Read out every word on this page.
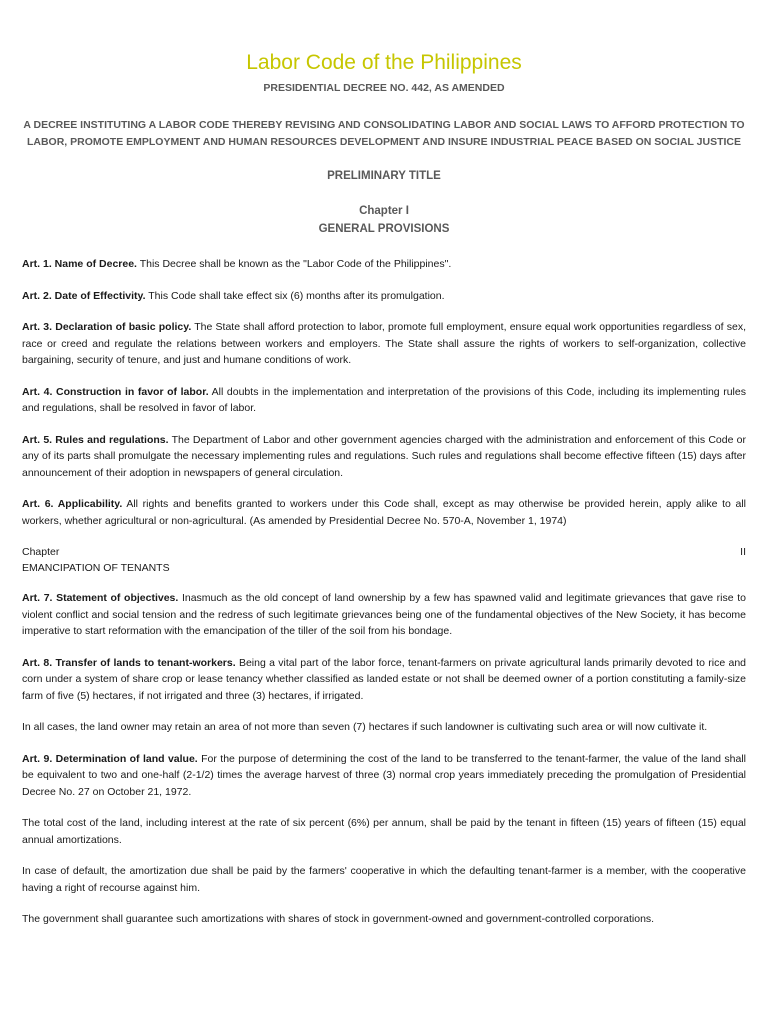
Labor Code of the Philippines
PRESIDENTIAL DECREE NO. 442, AS AMENDED
A DECREE INSTITUTING A LABOR CODE THEREBY REVISING AND CONSOLIDATING LABOR AND SOCIAL LAWS TO AFFORD PROTECTION TO
LABOR, PROMOTE EMPLOYMENT AND HUMAN RESOURCES DEVELOPMENT AND INSURE INDUSTRIAL PEACE BASED ON SOCIAL JUSTICE
PRELIMINARY TITLE
Chapter I
GENERAL PROVISIONS

Art. 1. Name of Decree. This Decree shall be known as the "Labor Code of the Philippines".

Art. 2. Date of Effectivity. This Code shall take effect six (6) months after its promulgation.

Art. 3. Declaration of basic policy. The State shall afford protection to labor, promote full employment, ensure equal work opportunities regardless of sex, race or creed and regulate the relations between workers and employers. The State shall assure the rights of workers to self-organization, collective bargaining, security of tenure, and just and humane conditions of work.

Art. 4. Construction in favor of labor. All doubts in the implementation and interpretation of the provisions of this Code, including its implementing rules and regulations, shall be resolved in favor of labor.

Art. 5. Rules and regulations. The Department of Labor and other government agencies charged with the administration and enforcement of this Code or any of its parts shall promulgate the necessary implementing rules and regulations. Such rules and regulations shall become effective fifteen (15) days after announcement of their adoption in newspapers of general circulation.

Art. 6. Applicability. All rights and benefits granted to workers under this Code shall, except as may otherwise be provided herein, apply alike to all workers, whether agricultural or non-agricultural. (As amended by Presidential Decree No. 570-A, November 1, 1974)

Chapter	II
EMANCIPATION OF TENANTS

Art. 7. Statement of objectives. Inasmuch as the old concept of land ownership by a few has spawned valid and legitimate grievances that gave rise to violent conflict and social tension and the redress of such legitimate grievances being one of the fundamental objectives of the New Society, it has become imperative to start reformation with the emancipation of the tiller of the soil from his bondage.

Art. 8. Transfer of lands to tenant-workers. Being a vital part of the labor force, tenant-farmers on private agricultural lands primarily devoted to rice and corn under a system of share crop or lease tenancy whether classified as landed estate or not shall be deemed owner of a portion constituting a family-size farm of five (5) hectares, if not irrigated and three (3) hectares, if irrigated.

In all cases, the land owner may retain an area of not more than seven (7) hectares if such landowner is cultivating such area or will now cultivate it.

Art. 9. Determination of land value. For the purpose of determining the cost of the land to be transferred to the tenant-farmer, the value of the land shall be equivalent to two and one-half (2-1/2) times the average harvest of three (3) normal crop years immediately preceding the promulgation of Presidential Decree No. 27 on October 21, 1972.

The total cost of the land, including interest at the rate of six percent (6%) per annum, shall be paid by the tenant in fifteen (15) years of fifteen (15) equal annual amortizations.

In case of default, the amortization due shall be paid by the farmers' cooperative in which the defaulting tenant-farmer is a member, with the cooperative having a right of recourse against him.

The government shall guarantee such amortizations with shares of stock in government-owned and government-controlled corporations.
